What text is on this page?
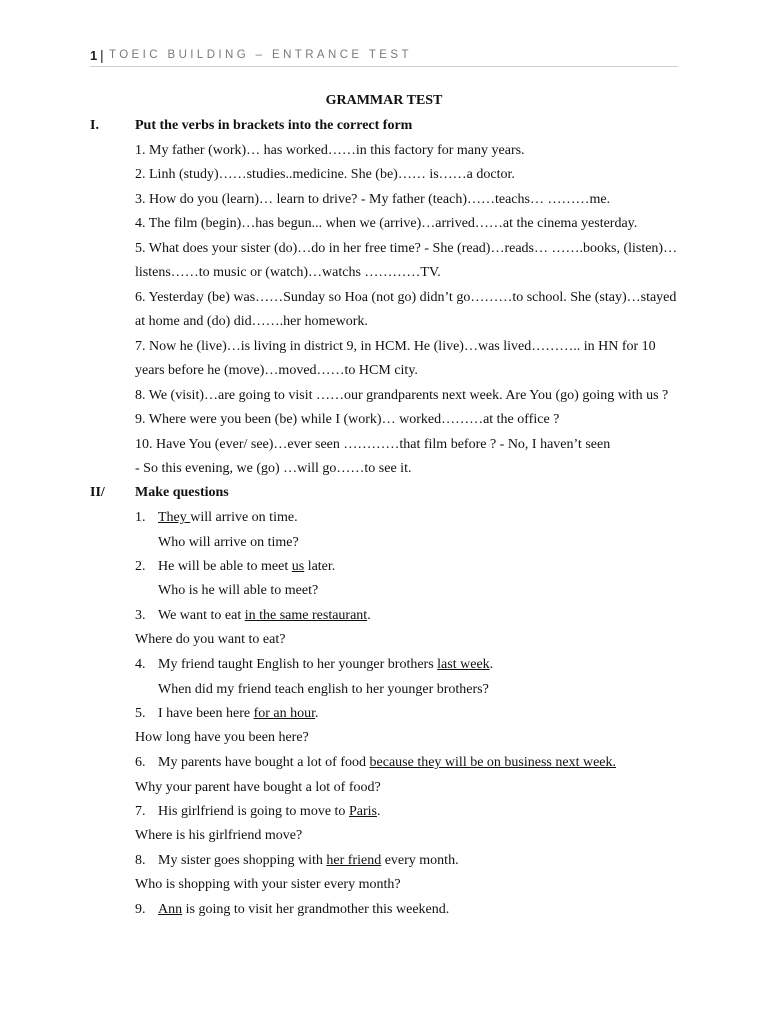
1 | TOEIC BUILDING – ENTRANCE TEST
GRAMMAR TEST
I.	Put the verbs in brackets into the correct form
1. My father (work)… has worked……in this factory for many years.
2. Linh (study)……studies..medicine. She (be)…… is……a doctor.
3. How do you (learn)… learn to drive? - My father (teach)……teachs… ………me.
4. The film (begin)…has begun... when we (arrive)…arrived……at the cinema yesterday.
5. What does your sister (do)…do in her free time? - She (read)…reads… …….books, (listen)…
listens……to music or (watch)…watchs …………TV.
6. Yesterday (be) was……Sunday so Hoa (not go) didn’t go………to school. She (stay)…stayed
at home and (do) did…….her homework.
7. Now he (live)…is living in district 9, in HCM. He (live)…was lived……….. in HN for 10
years before he (move)…moved……to HCM city.
8. We (visit)…are going to visit ……our grandparents next week. Are You (go) going with us ?
9. Where were you been (be) while I (work)… worked………at the office ?
10. Have You (ever/ see)…ever seen …………that film before ? - No, I haven’t seen
- So this evening, we (go) …will go……to see it.
II/ Make questions
1. They will arrive on time.
Who will arrive on time?
2. He will be able to meet us later.
Who is he will able to meet?
3. We want to eat in the same restaurant.
Where do you want to eat?
4. My friend taught English to her younger brothers last week.
When did my friend teach english to her younger brothers?
5. I have been here for an hour.
How long have you been here?
6. My parents have bought a lot of food because they will be on business next week.
Why your parent have bought a lot of food?
7. His girlfriend is going to move to Paris.
Where is his girlfriend move?
8. My sister goes shopping with her friend every month.
Who is shopping with your sister every month?
9. Ann is going to visit her grandmother this weekend.
